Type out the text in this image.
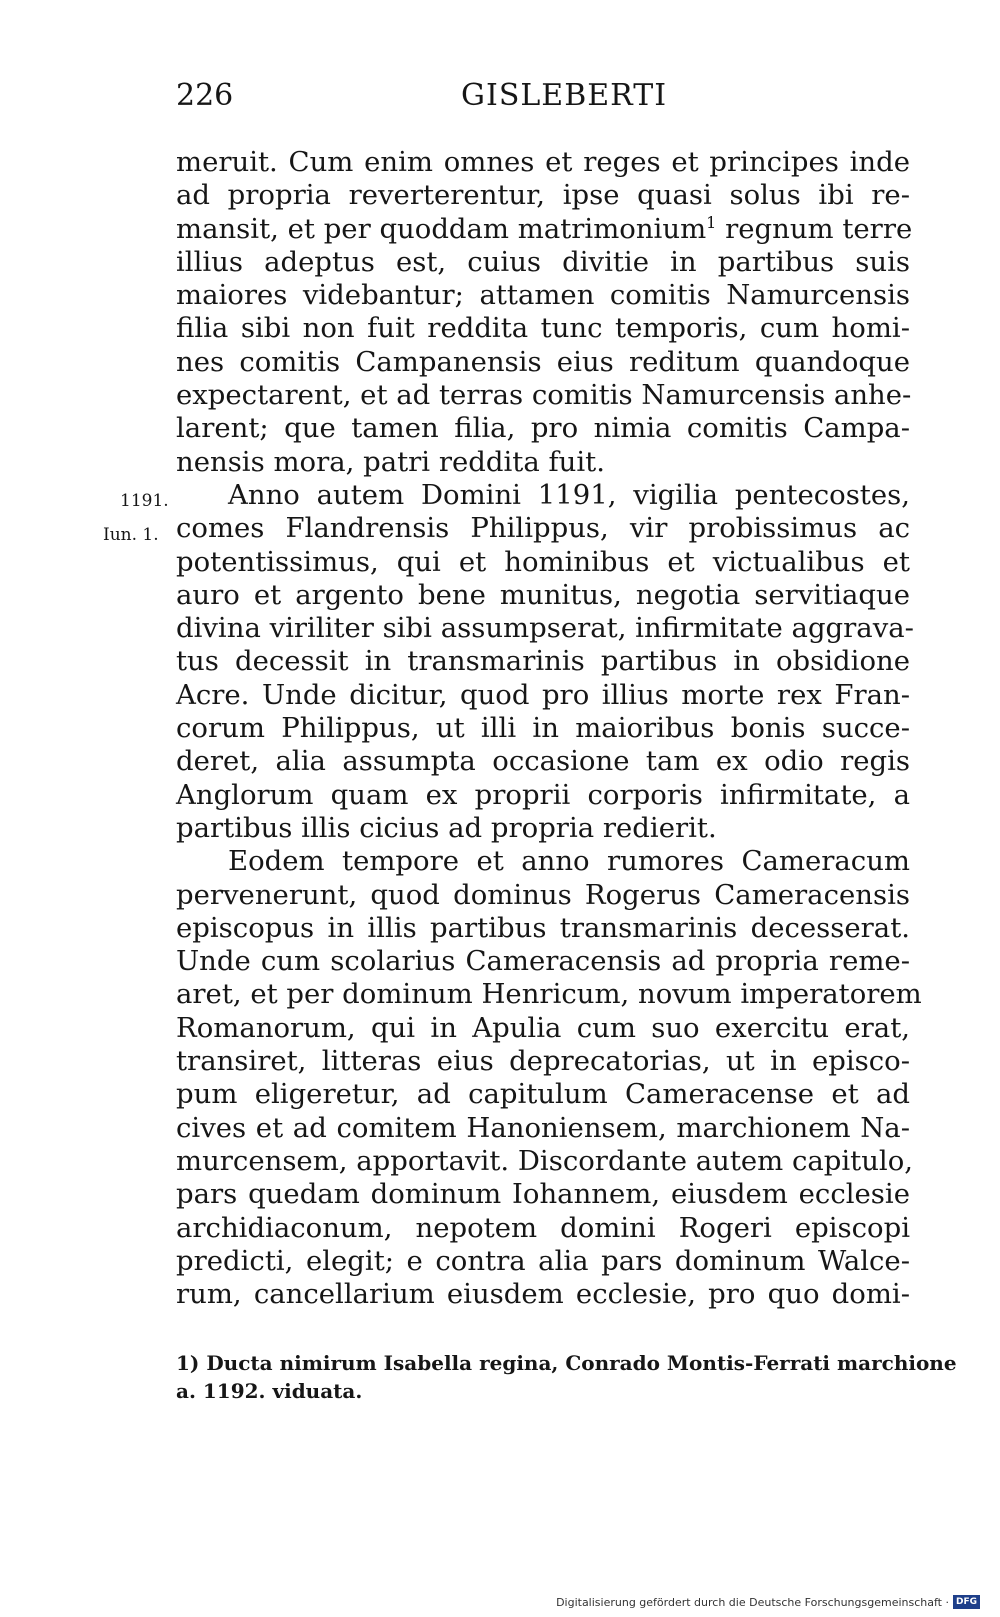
226	GISLEBERTI
1191.
Iun. 1.
meruit. Cum enim omnes et reges et principes inde
ad propria reverterentur, ipse quasi solus ibi re-
mansit, et per quoddam matrimonium$^1$ regnum terre
illius adeptus est, cuius divitie in partibus suis
maiores videbantur; attamen comitis Namurcensis
filia sibi non fuit reddita tunc temporis, cum homi-
nes comitis Campanensis eius reditum quandoque
expectarent, et ad terras comitis Namurcensis anhe-
larent; que tamen filia, pro nimia comitis Campa-
nensis mora, patri reddita fuit.
Anno autem Domini 1191, vigilia pentecostes,
comes Flandrensis Philippus, vir probissimus ac
potentissimus, qui et hominibus et victualibus et
auro et argento bene munitus, negotia servitiaque
divina viriliter sibi assumpserat, infirmitate aggrava-
tus decessit in transmarinis partibus in obsidione
Acre. Unde dicitur, quod pro illius morte rex Fran-
corum Philippus, ut illi in maioribus bonis succe-
deret, alia assumpta occasione tam ex odio regis
Anglorum quam ex proprii corporis infirmitate, a
partibus illis cicius ad propria redierit.
Eodem tempore et anno rumores Cameracum
pervenerunt, quod dominus Rogerus Cameracensis
episcopus in illis partibus transmarinis decesserat.
Unde cum scolarius Cameracensis ad propria reme-
aret, et per dominum Henricum, novum imperatorem
Romanorum, qui in Apulia cum suo exercitu erat,
transiret, litteras eius deprecatorias, ut in episco-
pum eligeretur, ad capitulum Cameracense et ad
cives et ad comitem Hanoniensem, marchionem Na-
murcensem, apportavit. Discordante autem capitulo,
pars quedam dominum Iohannem, eiusdem ecclesie
archidiaconum, nepotem domini Rogeri episcopi
predicti, elegit; e contra alia pars dominum Walce-
rum, cancellarium eiusdem ecclesie, pro quo domi-
1) Ducta nimirum Isabella regina, Conrado Montis-Ferrati marchione
a. 1192. viduata.
Digitalisierung gefördert durch die Deutsche Forschungsgemeinschaft · DFG
